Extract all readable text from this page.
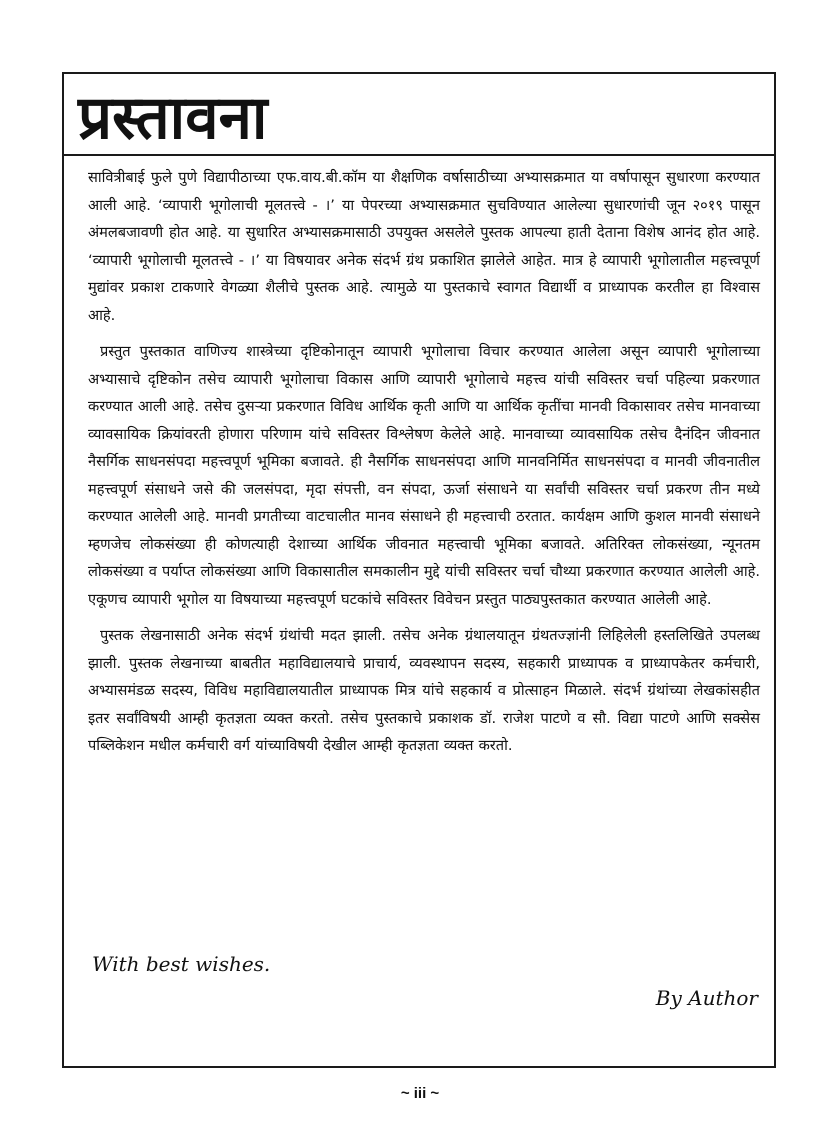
प्रस्तावना

सावित्रीबाई फुले पुणे विद्यापीठाच्या एफ.वाय.बी.कॉम या शैक्षणिक वर्षासाठीच्या अभ्यासक्रमात या वर्षापासून सुधारणा करण्यात आली आहे. ‘व्यापारी भूगोलाची मूलतत्त्वे - ।’ या पेपरच्या अभ्यासक्रमात सुचविण्यात आलेल्या सुधारणांची जून २०१९ पासून अंमलबजावणी होत आहे. या सुधारित अभ्यासक्रमासाठी उपयुक्त असलेले पुस्तक आपल्या हाती देताना विशेष आनंद होत आहे. ‘व्यापारी भूगोलाची मूलतत्त्वे - ।’ या विषयावर अनेक संदर्भ ग्रंथ प्रकाशित झालेले आहेत. मात्र हे व्यापारी भूगोलातील महत्त्वपूर्ण मुद्यांवर प्रकाश टाकणारे वेगळ्या शैलीचे पुस्तक आहे. त्यामुळे या पुस्तकाचे स्वागत विद्यार्थी व प्राध्यापक करतील हा विश्वास आहे.

प्रस्तुत पुस्तकात वाणिज्य शास्त्रेच्या दृष्टिकोनातून व्यापारी भूगोलाचा विचार करण्यात आलेला असून व्यापारी भूगोलाच्या अभ्यासाचे दृष्टिकोन तसेच व्यापारी भूगोलाचा विकास आणि व्यापारी भूगोलाचे महत्त्व यांची सविस्तर चर्चा पहिल्या प्रकरणात करण्यात आली आहे. तसेच दुसऱ्या प्रकरणात विविध आर्थिक कृती आणि या आर्थिक कृतींचा मानवी विकासावर तसेच मानवाच्या व्यावसायिक क्रियांवरती होणारा परिणाम यांचे सविस्तर विश्लेषण केलेले आहे. मानवाच्या व्यावसायिक तसेच दैनंदिन जीवनात नैसर्गिक साधनसंपदा महत्त्वपूर्ण भूमिका बजावते. ही नैसर्गिक साधनसंपदा आणि मानवनिर्मित साधनसंपदा व मानवी जीवनातील महत्त्वपूर्ण संसाधने जसे की जलसंपदा, मृदा संपत्ती, वन संपदा, ऊर्जा संसाधने या सर्वांची सविस्तर चर्चा प्रकरण तीन मध्ये करण्यात आलेली आहे. मानवी प्रगतीच्या वाटचालीत मानव संसाधने ही महत्त्वाची ठरतात. कार्यक्षम आणि कुशल मानवी संसाधने म्हणजेच लोकसंख्या ही कोणत्याही देशाच्या आर्थिक जीवनात महत्त्वाची भूमिका बजावते. अतिरिक्त लोकसंख्या, न्यूनतम लोकसंख्या व पर्याप्त लोकसंख्या आणि विकासातील समकालीन मुद्दे यांची सविस्तर चर्चा चौथ्या प्रकरणात करण्यात आलेली आहे. एकूणच व्यापारी भूगोल या विषयाच्या महत्त्वपूर्ण घटकांचे सविस्तर विवेचन प्रस्तुत पाठ्यपुस्तकात करण्यात आलेली आहे.

पुस्तक लेखनासाठी अनेक संदर्भ ग्रंथांची मदत झाली. तसेच अनेक ग्रंथालयातून ग्रंथतज्ज्ञांनी लिहिलेली हस्तलिखिते उपलब्ध झाली. पुस्तक लेखनाच्या बाबतीत महाविद्यालयाचे प्राचार्य, व्यवस्थापन सदस्य, सहकारी प्राध्यापक व प्राध्यापकेतर कर्मचारी, अभ्यासमंडळ सदस्य, विविध महाविद्यालयातील प्राध्यापक मित्र यांचे सहकार्य व प्रोत्साहन मिळाले. संदर्भ ग्रंथांच्या लेखकांसहीत इतर सर्वांविषयी आम्ही कृतज्ञता व्यक्त करतो. तसेच पुस्तकाचे प्रकाशक डॉ. राजेश पाटणे व सौ. विद्या पाटणे आणि सक्सेस पब्लिकेशन मधील कर्मचारी वर्ग यांच्याविषयी देखील आम्ही कृतज्ञता व्यक्त करतो.

With best wishes.

By Author

~ iii ~
